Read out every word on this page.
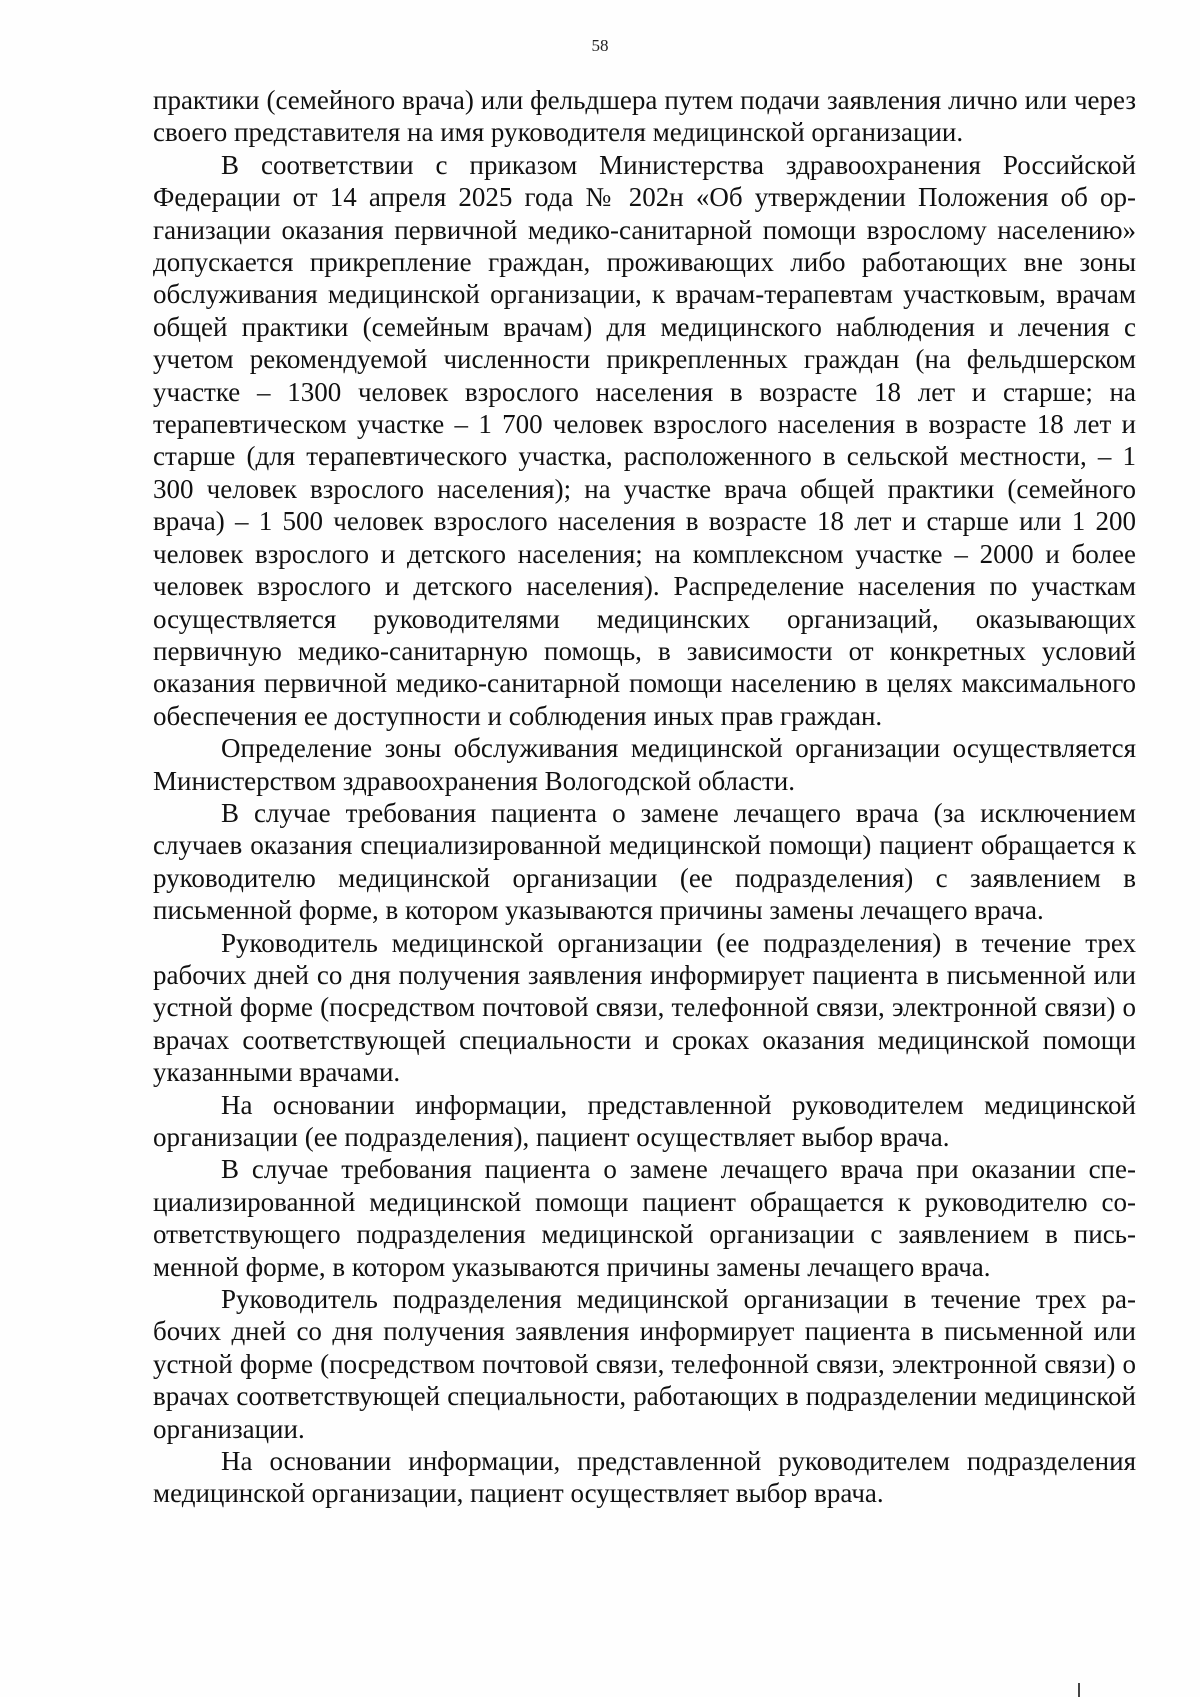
58

практики (семейного врача) или фельдшера путем подачи заявления лично или через своего представителя на имя руководителя медицинской организации.

В соответствии с приказом Министерства здравоохранения Российской Федерации от 14 апреля 2025 года № 202н «Об утверждении Положения об организации оказания первичной медико-санитарной помощи взрослому населению» допускается прикрепление граждан, проживающих либо работающих вне зоны обслуживания медицинской организации, к врачам-терапевтам участковым, врачам общей практики (семейным врачам) для медицинского наблюдения и лечения с учетом рекомендуемой численности прикрепленных граждан (на фельдшерском участке – 1300 человек взрослого населения в возрасте 18 лет и старше; на терапевтическом участке – 1 700 человек взрослого населения в возрасте 18 лет и старше (для терапевтического участка, расположенного в сельской местности, – 1 300 человек взрослого населения); на участке врача общей практики (семейного врача) – 1 500 человек взрослого населения в возрасте 18 лет и старше или 1 200 человек взрослого и детского населения; на комплексном участке – 2000 и более человек взрослого и детского населения). Распределение населения по участкам осуществляется руководителями медицинских организаций, оказывающих первичную медико-санитарную помощь, в зависимости от конкретных условий оказания первичной медико-санитарной помощи населению в целях максимального обеспечения ее доступности и соблюдения иных прав граждан.

Определение зоны обслуживания медицинской организации осуществляется Министерством здравоохранения Вологодской области.

В случае требования пациента о замене лечащего врача (за исключением случаев оказания специализированной медицинской помощи) пациент обращается к руководителю медицинской организации (ее подразделения) с заявлением в письменной форме, в котором указываются причины замены лечащего врача.

Руководитель медицинской организации (ее подразделения) в течение трех рабочих дней со дня получения заявления информирует пациента в письменной или устной форме (посредством почтовой связи, телефонной связи, электронной связи) о врачах соответствующей специальности и сроках оказания медицинской помощи указанными врачами.

На основании информации, представленной руководителем медицинской организации (ее подразделения), пациент осуществляет выбор врача.

В случае требования пациента о замене лечащего врача при оказании специализированной медицинской помощи пациент обращается к руководителю соответствующего подразделения медицинской организации с заявлением в письменной форме, в котором указываются причины замены лечащего врача.

Руководитель подразделения медицинской организации в течение трех рабочих дней со дня получения заявления информирует пациента в письменной или устной форме (посредством почтовой связи, телефонной связи, электронной связи) о врачах соответствующей специальности, работающих в подразделении медицинской организации.

На основании информации, представленной руководителем подразделения медицинской организации, пациент осуществляет выбор врача.
